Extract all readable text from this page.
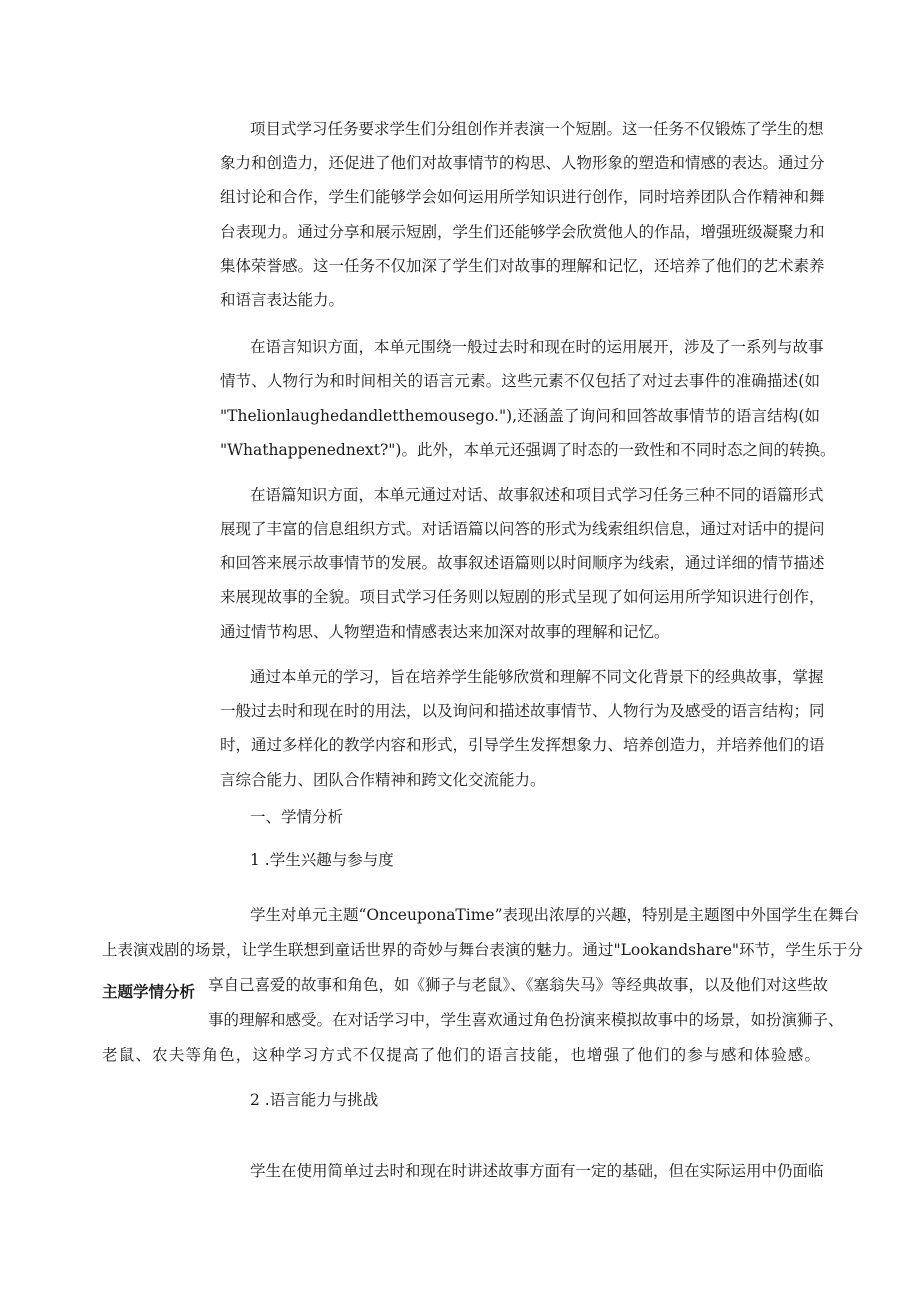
项目式学习任务要求学生们分组创作并表演一个短剧。这一任务不仅锻炼了学生的想
象力和创造力，还促进了他们对故事情节的构思、人物形象的塑造和情感的表达。通过分
组讨论和合作，学生们能够学会如何运用所学知识进行创作，同时培养团队合作精神和舞
台表现力。通过分享和展示短剧，学生们还能够学会欣赏他人的作品，增强班级凝聚力和
集体荣誉感。这一任务不仅加深了学生们对故事的理解和记忆，还培养了他们的艺术素养
和语言表达能力。
在语言知识方面，本单元围绕一般过去时和现在时的运用展开，涉及了一系列与故事
情节、人物行为和时间相关的语言元素。这些元素不仅包括了对过去事件的准确描述(如
"Thelionlaughedandletthemousego."),还涵盖了询问和回答故事情节的语言结构(如
"Whathappenednext?")。此外，本单元还强调了时态的一致性和不同时态之间的转换。
在语篇知识方面，本单元通过对话、故事叙述和项目式学习任务三种不同的语篇形式
展现了丰富的信息组织方式。对话语篇以问答的形式为线索组织信息，通过对话中的提问
和回答来展示故事情节的发展。故事叙述语篇则以时间顺序为线索，通过详细的情节描述
来展现故事的全貌。项目式学习任务则以短剧的形式呈现了如何运用所学知识进行创作，
通过情节构思、人物塑造和情感表达来加深对故事的理解和记忆。
通过本单元的学习，旨在培养学生能够欣赏和理解不同文化背景下的经典故事，掌握
一般过去时和现在时的用法，以及询问和描述故事情节、人物行为及感受的语言结构；同
时，通过多样化的教学内容和形式，引导学生发挥想象力、培养创造力，并培养他们的语
言综合能力、团队合作精神和跨文化交流能力。
一、学情分析
1 .学生兴趣与参与度
学生对单元主题“OnceuponaTime”表现出浓厚的兴趣，特别是主题图中外国学生在舞台
上表演戏剧的场景，让学生联想到童话世界的奇妙与舞台表演的魅力。通过"Lookandshare"环节，学生乐于分
主题学情分析 享自己喜爱的故事和角色，如《狮子与老鼠》、《塞翁失马》等经典故事，以及他们对这些故
事的理解和感受。在对话学习中，学生喜欢通过角色扮演来模拟故事中的场景，如扮演狮子、
老鼠、农夫等角色，这种学习方式不仅提高了他们的语言技能，也增强了他们的参与感和体验感。
2 .语言能力与挑战
学生在使用简单过去时和现在时讲述故事方面有一定的基础，但在实际运用中仍面临
